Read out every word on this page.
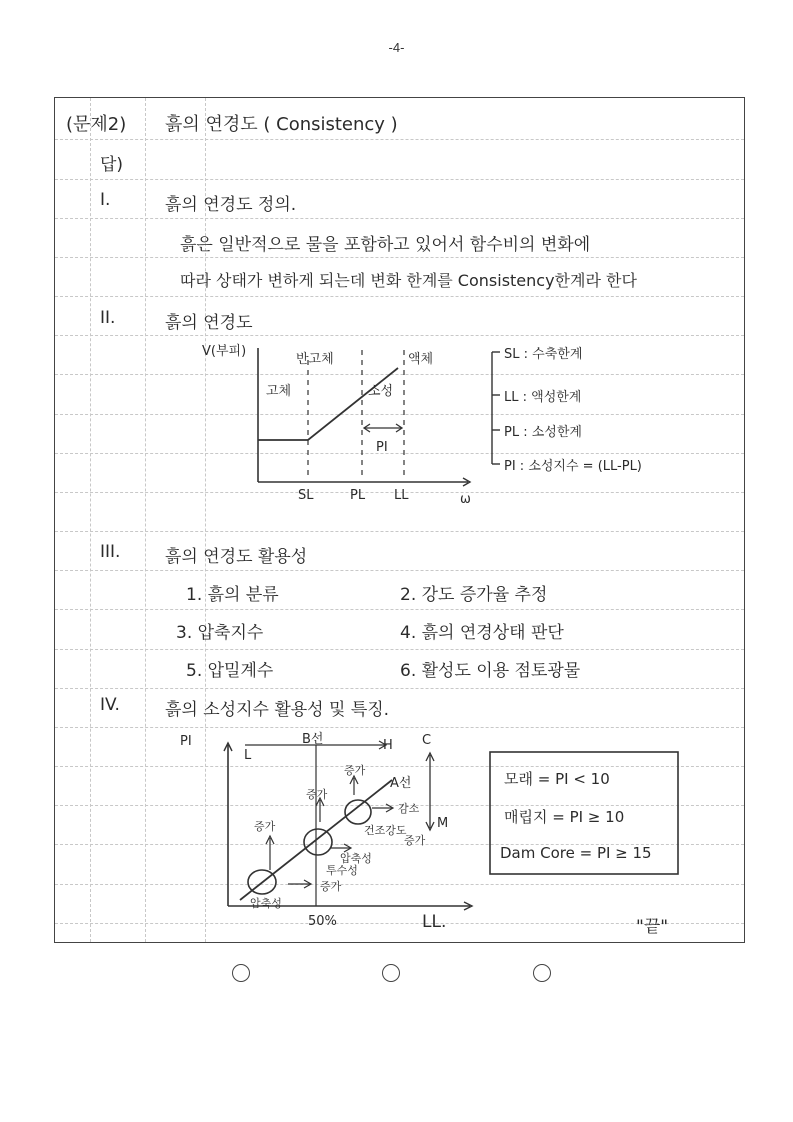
-4-
(문제2) 흙의 연경도 ( Consistency )
답)
I.	흙의 연경도 정의.
흙은 일반적으로 물을 포함하고 있어서 함수비의 변화에
따라 상태가 변하게 되는데 변화 한계를 Consistency한계라 한다
II.	흙의 연경도
V(부피)
고체
반고체
소성
액체
PI
SL	PL LL	ω
SL : 수축한계
LL : 액성한계
PL : 소성한계
PI : 소성지수 = (LL-PL)
III.	흙의 연경도 활용성
1. 흙의 분류	2. 강도 증가율 추정
3. 압축지수	4. 흙의 연경상태 판단
5. 압밀계수	6. 활성도 이용 점토광물
IV.	흙의 소성지수 활용성 및 특징.
PI
L
B선	H C
M
A선
증가
감소
증가
증가
투수성
건조강도
압축성
증가
압축성
증가
50%	LL.
모래 = PI < 10
매립지 = PI ≥ 10
Dam Core = PI ≥ 15
"끝"
